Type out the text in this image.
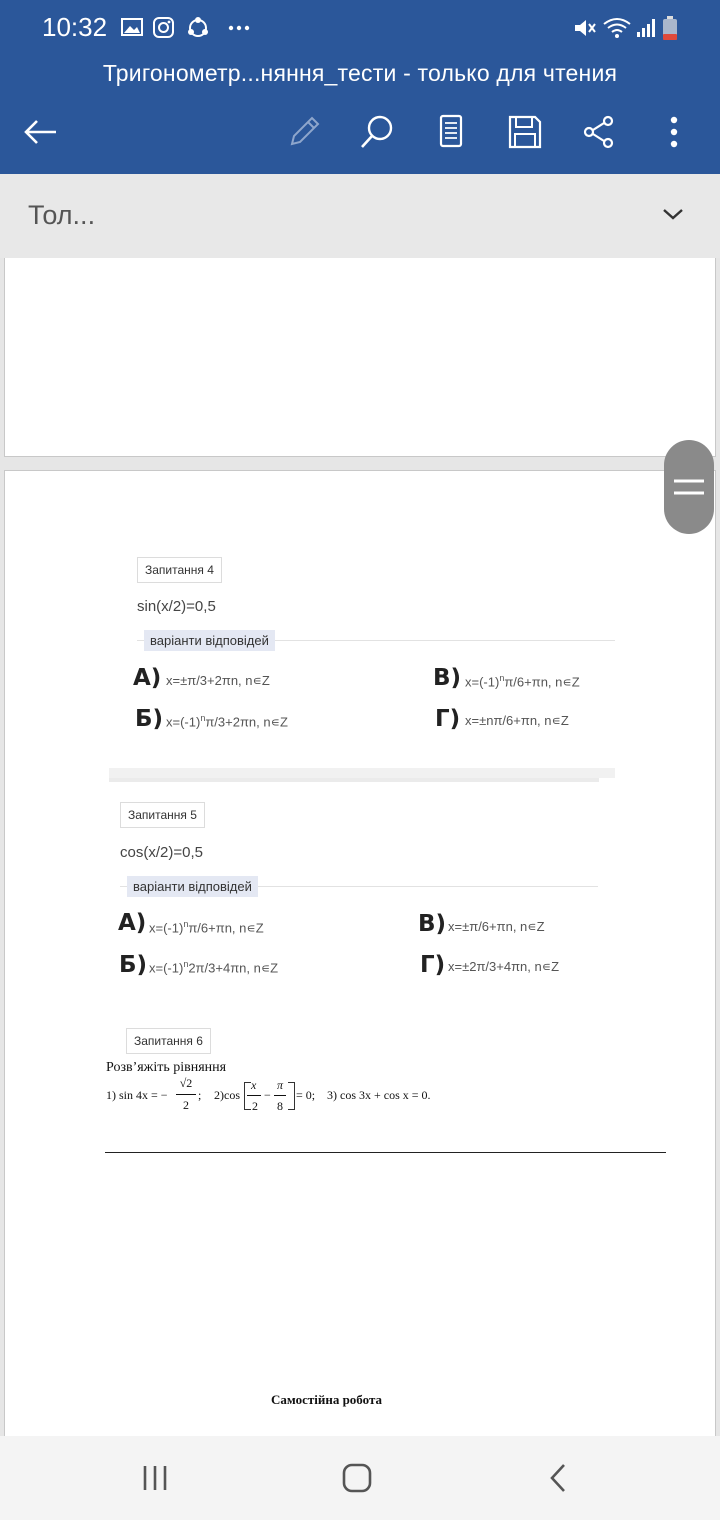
10:32
Тригонометр...няння_тести - только для чтения
Тол...
Запитання 4
sin(x/2)=0,5
варіанти відповідей
А) x=±π/3+2πn, n∊Z	В) $x=(-1)^n\pi/6+\pi n$, n∊Z
Б) $x=(-1)^n\pi/3+2\pi n$, n∊Z	Г) x=±nπ/6+πn, n∊Z
Запитання 5
cos(x/2)=0,5
варіанти відповідей
А) $x=(-1)^n\pi/6+\pi n$, n∊Z	В) x=±π/6+πn, n∊Z
Б) $x=(-1)^n2\pi/3+4\pi n$, n∊Z	Г) x=±2π/3+4πn, n∊Z
Запитання 6
Розв’яжіть рівняння
1) sin 4x = −
√2
2
; 2)cos
x
2
−
π
8
= 0; 3) cos 3x + cos x = 0.
Самостійна робота
